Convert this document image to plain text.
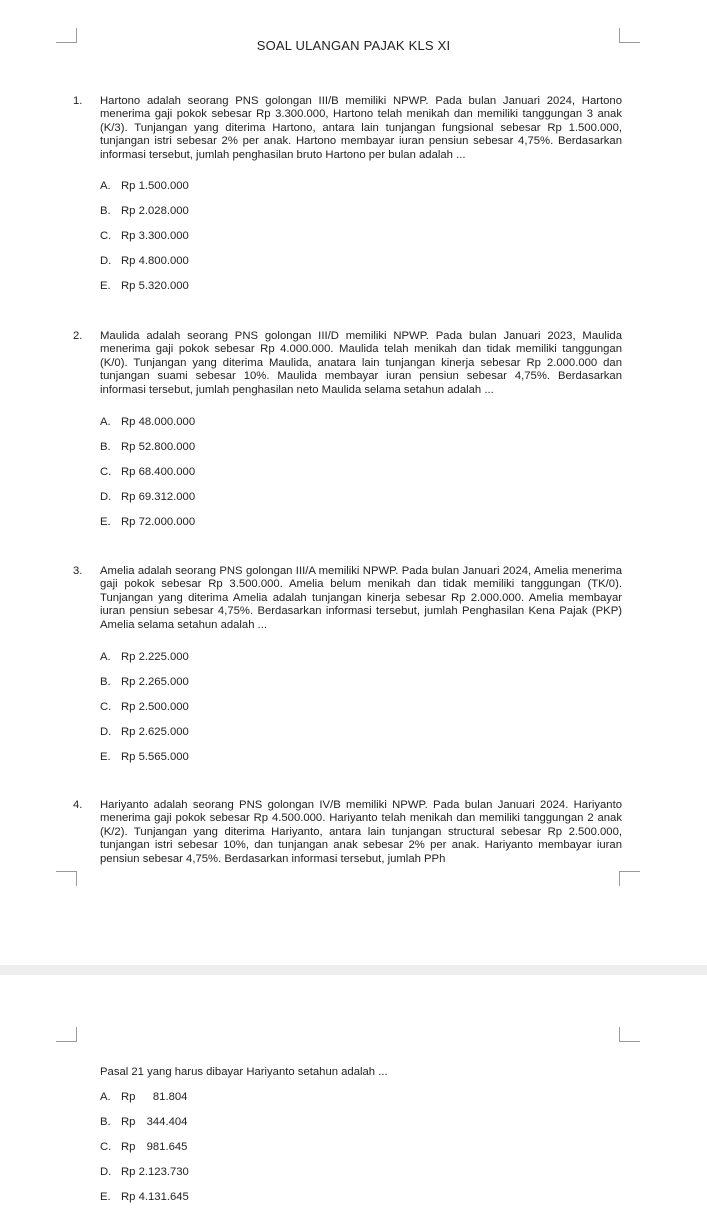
SOAL ULANGAN PAJAK KLS XI
1. Hartono adalah seorang PNS golongan III/B memiliki NPWP. Pada bulan Januari 2024, Hartono menerima gaji pokok sebesar Rp 3.300.000, Hartono telah menikah dan memiliki tanggungan 3 anak (K/3). Tunjangan yang diterima Hartono, antara lain tunjangan fungsional sebesar Rp 1.500.000, tunjangan istri sebesar 2% per anak. Hartono membayar iuran pensiun sebesar 4,75%. Berdasarkan informasi tersebut, jumlah penghasilan bruto Hartono per bulan adalah ...
A. Rp 1.500.000
B. Rp 2.028.000
C. Rp 3.300.000
D. Rp 4.800.000
E. Rp 5.320.000
2. Maulida adalah seorang PNS golongan III/D memiliki NPWP. Pada bulan Januari 2023, Maulida menerima gaji pokok sebesar Rp 4.000.000. Maulida telah menikah dan tidak memiliki tanggungan (K/0). Tunjangan yang diterima Maulida, anatara lain tunjangan kinerja sebesar Rp 2.000.000 dan tunjangan suami sebesar 10%. Maulida membayar iuran pensiun sebesar 4,75%. Berdasarkan informasi tersebut, jumlah penghasilan neto Maulida selama setahun adalah ...
A. Rp 48.000.000
B. Rp 52.800.000
C. Rp 68.400.000
D. Rp 69.312.000
E. Rp 72.000.000
3. Amelia adalah seorang PNS golongan III/A memiliki NPWP. Pada bulan Januari 2024, Amelia menerima gaji pokok sebesar Rp 3.500.000. Amelia belum menikah dan tidak memiliki tanggungan (TK/0). Tunjangan yang diterima Amelia adalah tunjangan kinerja sebesar Rp 2.000.000. Amelia membayar iuran pensiun sebesar 4,75%. Berdasarkan informasi tersebut, jumlah Penghasilan Kena Pajak (PKP) Amelia selama setahun adalah ...
A. Rp 2.225.000
B. Rp 2.265.000
C. Rp 2.500.000
D. Rp 2.625.000
E. Rp 5.565.000
4. Hariyanto adalah seorang PNS golongan IV/B memiliki NPWP. Pada bulan Januari 2024. Hariyanto menerima gaji pokok sebesar Rp 4.500.000. Hariyanto telah menikah dan memiliki tanggungan 2 anak (K/2). Tunjangan yang diterima Hariyanto, antara lain tunjangan structural sebesar Rp 2.500.000, tunjangan istri sebesar 10%, dan tunjangan anak sebesar 2% per anak. Hariyanto membayar iuran pensiun sebesar 4,75%. Berdasarkan informasi tersebut, jumlah PPh
Pasal 21 yang harus dibayar Hariyanto setahun adalah ...
A. Rp 81.804
B. Rp 344.404
C. Rp 981.645
D. Rp 2.123.730
E. Rp 4.131.645
